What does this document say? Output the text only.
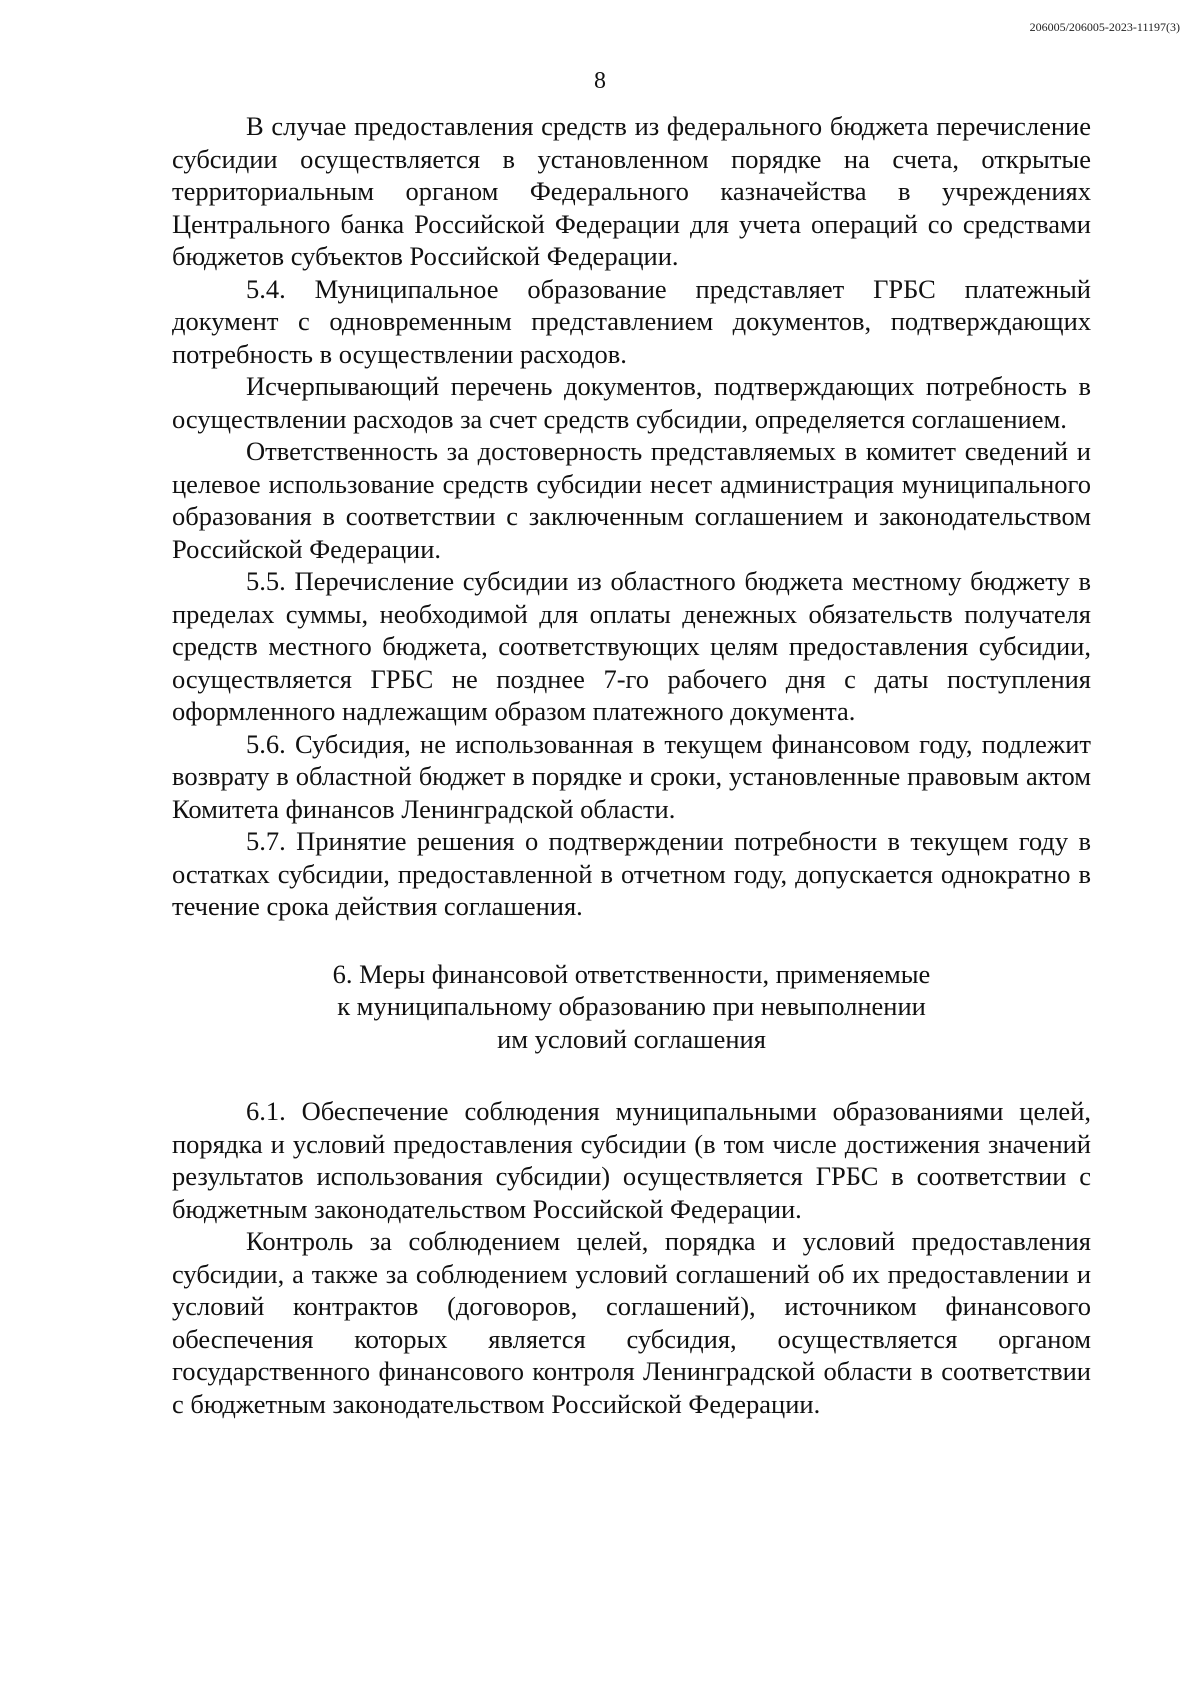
206005/206005-2023-11197(3)
8

В случае предоставления средств из федерального бюджета перечисление субсидии осуществляется в установленном порядке на счета, открытые территориальным органом Федерального казначейства в учреждениях Центрального банка Российской Федерации для учета операций со средствами бюджетов субъектов Российской Федерации.

5.4. Муниципальное образование представляет ГРБС платежный документ с одновременным представлением документов, подтверждающих потребность в осуществлении расходов.

Исчерпывающий перечень документов, подтверждающих потребность в осуществлении расходов за счет средств субсидии, определяется соглашением.

Ответственность за достоверность представляемых в комитет сведений и целевое использование средств субсидии несет администрация муниципального образования в соответствии с заключенным соглашением и законодательством Российской Федерации.

5.5. Перечисление субсидии из областного бюджета местному бюджету в пределах суммы, необходимой для оплаты денежных обязательств получателя средств местного бюджета, соответствующих целям предоставления субсидии, осуществляется ГРБС не позднее 7-го рабочего дня с даты поступления оформленного надлежащим образом платежного документа.

5.6. Субсидия, не использованная в текущем финансовом году, подлежит возврату в областной бюджет в порядке и сроки, установленные правовым актом Комитета финансов Ленинградской области.

5.7. Принятие решения о подтверждении потребности в текущем году в остатках субсидии, предоставленной в отчетном году, допускается однократно в течение срока действия соглашения.

6. Меры финансовой ответственности, применяемые
к муниципальному образованию при невыполнении
им условий соглашения

6.1. Обеспечение соблюдения муниципальными образованиями целей, порядка и условий предоставления субсидии (в том числе достижения значений результатов использования субсидии) осуществляется ГРБС в соответствии с бюджетным законодательством Российской Федерации.

Контроль за соблюдением целей, порядка и условий предоставления субсидии, а также за соблюдением условий соглашений об их предоставлении и условий контрактов (договоров, соглашений), источником финансового обеспечения которых является субсидия, осуществляется органом государственного финансового контроля Ленинградской области в соответствии с бюджетным законодательством Российской Федерации.
